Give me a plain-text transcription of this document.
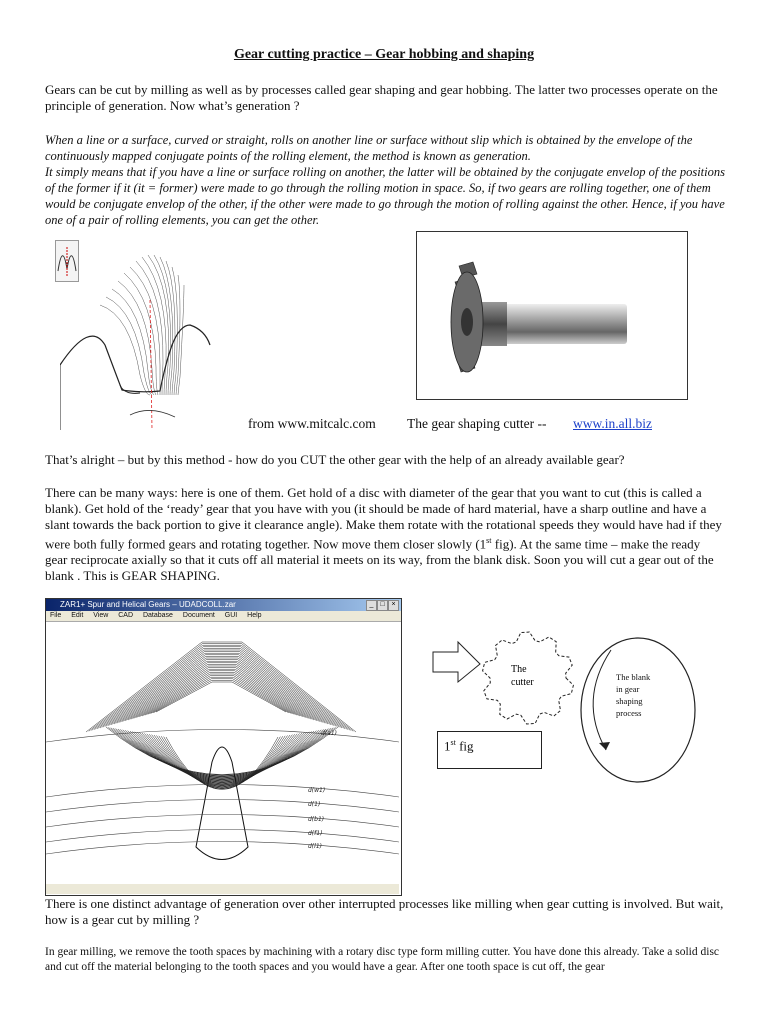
Gear cutting practice – Gear hobbing and shaping
Gears can be cut by milling as well as by processes called gear shaping and gear hobbing. The latter two processes operate on the principle of generation. Now what’s generation ?
When a line or a surface, curved or straight, rolls on another line or surface without slip which is obtained by the envelope of the continuously mapped conjugate points of the rolling element, the method is known as generation.
It simply means that if you have a line or surface rolling on another, the latter will be obtained by the conjugate envelop of the positions of the former if it (it = former) were made to go through the rolling motion in space. So, if two gears are rolling together, one of them would be conjugate envelop of the other, if the other were made to go through the motion of rolling against the other. Hence, if you have one of a pair of rolling elements, you can get the other.
from www.mitcalc.com The gear shaping cutter -- www.in.all.biz
That’s alright – but by this method - how do you CUT the other gear with the help of an already available gear?
There can be many ways: here is one of them. Get hold of a disc with diameter of the gear that you want to cut (this is called a blank). Get hold of the ‘ready’ gear that you have with you (it should be made of hard material, have a sharp outline and have a slant towards the back portion to give it clearance angle). Make them rotate with the rotational speeds they would have had if they were both fully formed gears and rotating together. Now move them closer slowly (1st fig). At the same time – make the ready gear reciprocate axially so that it cuts off all material it meets on its way, from the blank disk. Soon you will cut a gear out of the blank . This is GEAR SHAPING.
ZAR1+ Spur and Helical Gears – UDADCOLL.zar	_ □ ×
File Edit View CAD Database Document GUI Help
d(a1)
d(w1)
d(1)
d(b1)
d(f1)
d(l1)
The
cutter	The blank
in gear
shaping
process
1st fig
There is one distinct advantage of generation over other interrupted processes like milling when gear cutting is involved. But wait, how is a gear cut by milling ?
In gear milling, we remove the tooth spaces by machining with a rotary disc type form milling cutter. You have done this already. Take a solid disc and cut off the material belonging to the tooth spaces and you would have a gear. After one tooth space is cut off, the gear
